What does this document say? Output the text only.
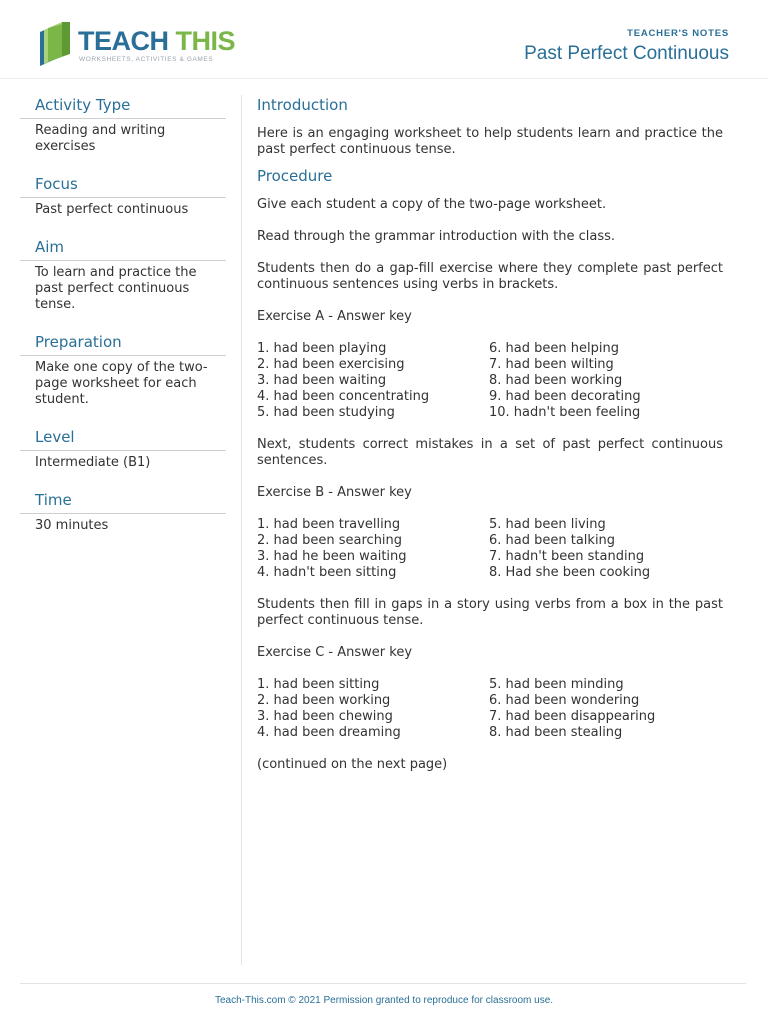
TEACH THIS
WORKSHEETS, ACTIVITIES & GAMES
TEACHER'S NOTES
Past Perfect Continuous
Activity Type
Reading and writing exercises
Focus
Past perfect continuous
Aim
To learn and practice the past perfect continuous tense.
Preparation
Make one copy of the two-page worksheet for each student.
Level
Intermediate (B1)
Time
30 minutes
Introduction

Here is an engaging worksheet to help students learn and practice the past perfect continuous tense.

Procedure

Give each student a copy of the two-page worksheet.

Read through the grammar introduction with the class.

Students then do a gap-fill exercise where they complete past perfect continuous sentences using verbs in brackets.

Exercise A - Answer key

1. had been playing	6. had been helping
2. had been exercising	7. had been wilting
3. had been waiting	8. had been working
4. had been concentrating	9. had been decorating
5. had been studying	10. hadn't been feeling

Next, students correct mistakes in a set of past perfect continuous sentences.

Exercise B - Answer key

1. had been travelling	5. had been living
2. had been searching	6. had been talking
3. had he been waiting	7. hadn't been standing
4. hadn't been sitting	8. Had she been cooking

Students then fill in gaps in a story using verbs from a box in the past perfect continuous tense.

Exercise C - Answer key

1. had been sitting	5. had been minding
2. had been working	6. had been wondering
3. had been chewing	7. had been disappearing
4. had been dreaming	8. had been stealing

(continued on the next page)

Teach-This.com © 2021 Permission granted to reproduce for classroom use.
